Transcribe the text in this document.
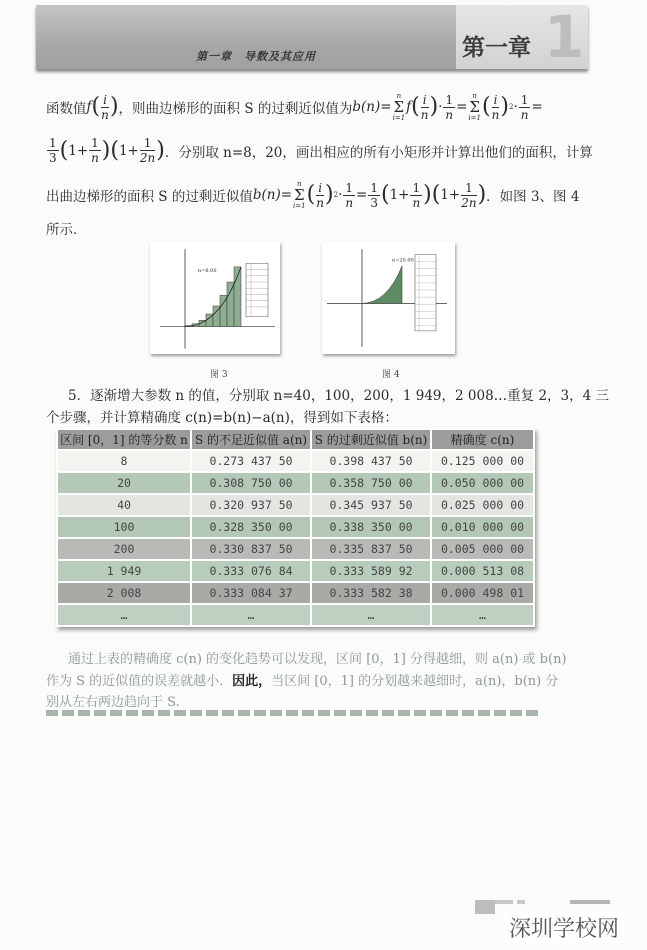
第一章　导数及其应用	1
第一章
函数值 f ( $\frac{i}{n}$ ) ，则曲边梯形的面积 S 的过剩近似值为 b(n)=
n
Σ
i=1
f ( $\frac{i}{n}$ ) · $\frac{1}{n}$ =
n
Σ
i=1 ( $\frac{i}{n}$ ) $2 \cdot \frac{1}{n}$ =
$\frac{1}{3}$ ( $1+ \frac{1}{n}$ )( $1+ \frac{1}{2n}$ ) ．分别取 n=8，20，画出相应的所有小矩形并计算出他们的面积，计算
出曲边梯形的面积 S 的过剩近似值 b(n)=
n
Σ
i=1 ( $\frac{i}{n}$ ) $2 \cdot \frac{1}{n} = \frac{1}{3}$ ( $1+ \frac{1}{n}$ )( $1+ \frac{1}{2n}$ ) ．如图 3、图 4
所示．
n=8.00
n=20.00
图 3	图 4
5．逐渐增大参数 n 的值，分别取 n=40，100，200，1 949，2 008…重复 2，3，4 三
个步骤，并计算精确度 c(n)=b(n)−a(n)，得到如下表格：
区间 [0，1] 的等分数 n	S 的不足近似值 a(n)	S 的过剩近似值 b(n)	精确度 c(n)
8	0.273 437 50	0.398 437 50	0.125 000 00
20	0.308 750 00	0.358 750 00	0.050 000 00
40	0.320 937 50	0.345 937 50	0.025 000 00
100	0.328 350 00	0.338 350 00	0.010 000 00
200	0.330 837 50	0.335 837 50	0.005 000 00
1 949	0.333 076 84	0.333 589 92	0.000 513 08
2 008	0.333 084 37	0.333 582 38	0.000 498 01
…	…	…	…
通过上表的精确度 c(n) 的变化趋势可以发现，区间 [0，1] 分得越细，则 a(n) 或 b(n)
作为 S 的近似值的误差就越小．因此，当区间 [0，1] 的分划越来越细时，a(n)，b(n) 分
别从左右两边趋向于 S.
深圳学校网
